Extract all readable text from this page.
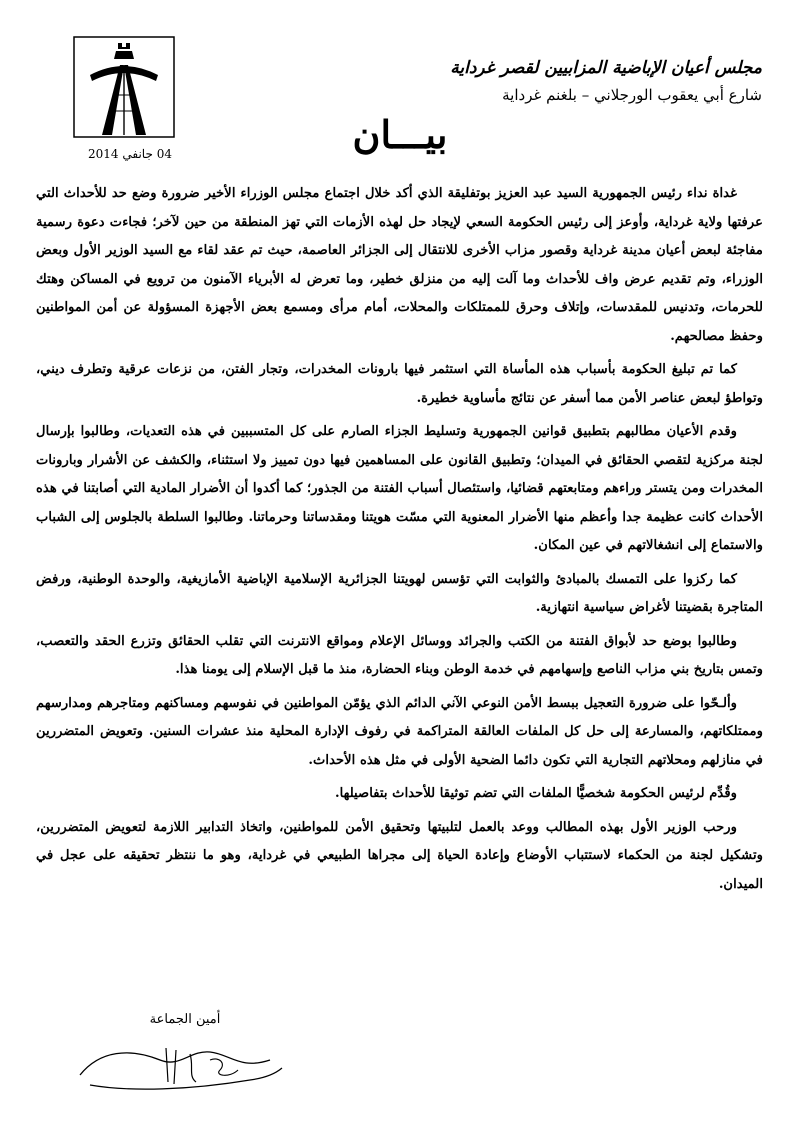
مجلس أعيان الإباضية المزابيين لقصر غرداية
شارع أبي يعقوب الورجلاني – بلغنم غرداية
04 جانفي 2014	بيـــان

غداة نداء رئيس الجمهورية السيد عبد العزيز بوتفليقة الذي أكد خلال اجتماع مجلس الوزراء الأخير ضرورة وضع حد للأحداث التي عرفتها ولاية غرداية، وأوعز إلى رئيس الحكومة السعي لإيجاد حل لهذه الأزمات التي تهز المنطقة من حين لآخر؛ فجاءت دعوة رسمية مفاجئة لبعض أعيان مدينة غرداية وقصور مزاب الأخرى للانتقال إلى الجزائر العاصمة، حيث تم عقد لقاء مع السيد الوزير الأول وبعض الوزراء، وتم تقديم عرض واف للأحداث وما آلت إليه من منزلق خطير، وما تعرض له الأبرياء الآمنون من ترويع في المساكن وهتك للحرمات، وتدنيس للمقدسات، وإتلاف وحرق للممتلكات والمحلات، أمام مرأى ومسمع بعض الأجهزة المسؤولة عن أمن المواطنين وحفظ مصالحهم.

كما تم تبليغ الحكومة بأسباب هذه المأساة التي استثمر فيها بارونات المخدرات، وتجار الفتن، من نزعات عرقية وتطرف ديني، وتواطؤ لبعض عناصر الأمن مما أسفر عن نتائج مأساوية خطيرة.

وقدم الأعيان مطالبهم بتطبيق قوانين الجمهورية وتسليط الجزاء الصارم على كل المتسببين في هذه التعديات، وطالبوا بإرسال لجنة مركزية لتقصي الحقائق في الميدان؛ وتطبيق القانون على المساهمين فيها دون تمييز ولا استثناء، والكشف عن الأشرار وبارونات المخدرات ومن يتستر وراءهم ومتابعتهم قضائيا، واستئصال أسباب الفتنة من الجذور؛ كما أكدوا أن الأضرار المادية التي أصابتنا في هذه الأحداث كانت عظيمة جدا وأعظم منها الأضرار المعنوية التي مسّت هويتنا ومقدساتنا وحرماتنا. وطالبوا السلطة بالجلوس إلى الشباب والاستماع إلى انشغالاتهم في عين المكان.

كما ركزوا على التمسك بالمبادئ والثوابت التي تؤسس لهويتنا الجزائرية الإسلامية الإباضية الأمازيغية، والوحدة الوطنية، ورفض المتاجرة بقضيتنا لأغراض سياسية انتهازية.

وطالبوا بوضع حد لأبواق الفتنة من الكتب والجرائد ووسائل الإعلام ومواقع الانترنت التي تقلب الحقائق وتزرع الحقد والتعصب، وتمس بتاريخ بني مزاب الناصع وإسهامهم في خدمة الوطن وبناء الحضارة، منذ ما قبل الإسلام إلى يومنا هذا.

وألـحّوا على ضرورة التعجيل ببسط الأمن النوعي الآني الدائم الذي يؤمّن المواطنين في نفوسهم ومساكنهم ومتاجرهم ومدارسهم وممتلكاتهم، والمسارعة إلى حل كل الملفات العالقة المتراكمة في رفوف الإدارة المحلية منذ عشرات السنين. وتعويض المتضررين في منازلهم ومحلاتهم التجارية التي تكون دائما الضحية الأولى في مثل هذه الأحداث.

وقُدِّم لرئيس الحكومة شخصيًّا الملفات التي تضم توثيقا للأحداث بتفاصيلها.

ورحب الوزير الأول بهذه المطالب ووعد بالعمل لتلبيتها وتحقيق الأمن للمواطنين، واتخاذ التدابير اللازمة لتعويض المتضررين، وتشكيل لجنة من الحكماء لاستتباب الأوضاع وإعادة الحياة إلى مجراها الطبيعي في غرداية، وهو ما ننتظر تحقيقه على عجل في الميدان.

أمين الجماعة
